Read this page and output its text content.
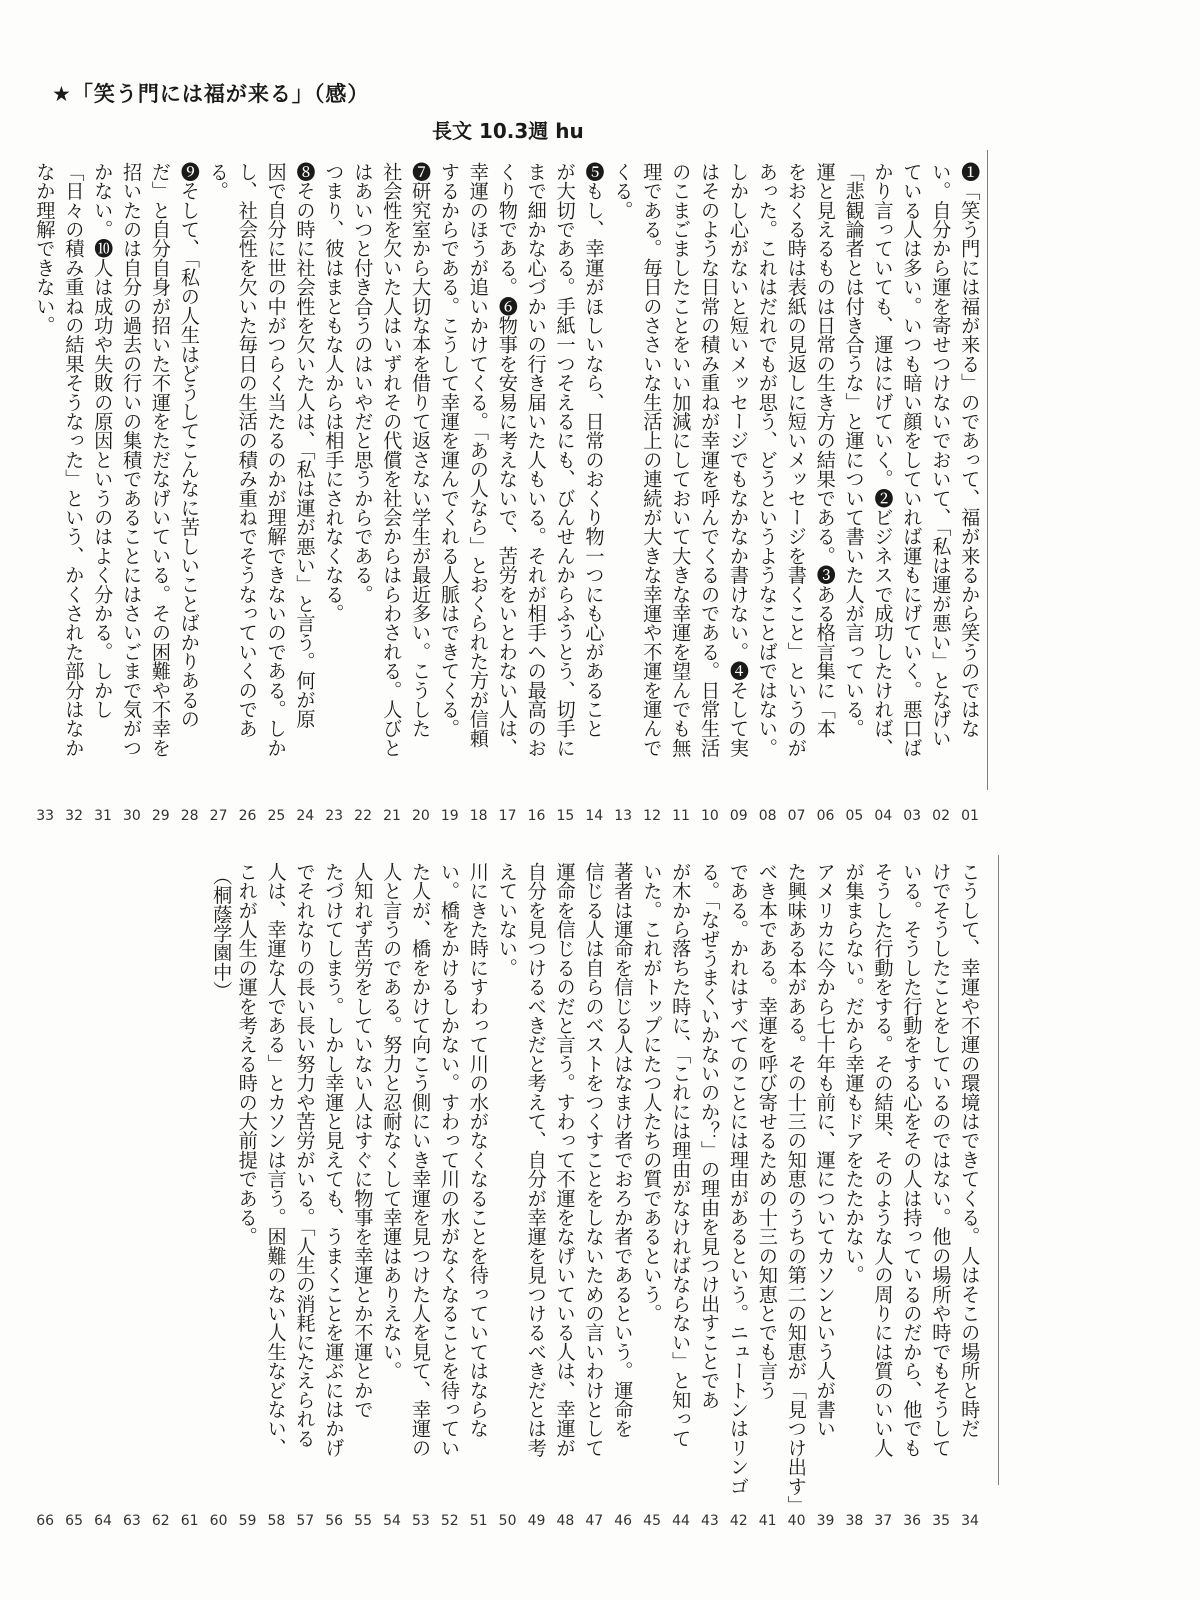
★「笑う門には福が来る」（感）
長文 10.3週 hu
❶「笑う門には福が来る」のであって、福が来るから笑うのではな
い。自分から運を寄せつけないでおいて、「私は運が悪い」となげい
ている人は多い。いつも暗い顔をしていれば運もにげていく。悪口ば
かり言っていても、運はにげていく。❷ビジネスで成功したければ、
「悲観論者とは付き合うな」と運について書いた人が言っている。
運と見えるものは日常の生き方の結果である。❸ある格言集に「本
をおくる時は表紙の見返しに短いメッセージを書くこと」というのが
あった。これはだれでもが思う、どうというようなことばではない。
しかし心がないと短いメッセージでもなかなか書けない。❹そして実
はそのような日常の積み重ねが幸運を呼んでくるのである。日常生活
のこまごましたことをいい加減にしておいて大きな幸運を望んでも無
理である。毎日のささいな生活上の連続が大きな幸運や不運を運んで
くる。
❺もし、幸運がほしいなら、日常のおくり物一つにも心があること
が大切である。手紙一つそえるにも、びんせんからふうとう、切手に
まで細かな心づかいの行き届いた人もいる。それが相手への最高のお
くり物である。❻物事を安易に考えないで、苦労をいとわない人は、
幸運のほうが追いかけてくる。「あの人なら」とおくられた方が信頼
するからである。こうして幸運を運んでくれる人脈はできてくる。
❼研究室から大切な本を借りて返さない学生が最近多い。こうした
社会性を欠いた人はいずれその代償を社会からはらわされる。人びと
はあいつと付き合うのはいやだと思うからである。
つまり、彼はまともな人からは相手にされなくなる。
❽その時に社会性を欠いた人は、「私は運が悪い」と言う。何が原
因で自分に世の中がつらく当たるのかが理解できないのである。しか
し、社会性を欠いた毎日の生活の積み重ねでそうなっていくのであ
る。
❾そして、「私の人生はどうしてこんなに苦しいことばかりあるの
だ」と自分自身が招いた不運をただなげいている。その困難や不幸を
招いたのは自分の過去の行いの集積であることにはさいごまで気がつ
かない。❿人は成功や失敗の原因というのはよく分かる。しかし
「日々の積み重ねの結果そうなった」という、かくされた部分はなか
なか理解できない。
01
02
03
04
05
06
07
08
09
10
11
12
13
14
15
16
17
18
19
20
21
22
23
24
25
26
27
28
29
30
31
32
33
こうして、幸運や不運の環境はできてくる。人はそこの場所と時だ
けでそうしたことをしているのではない。他の場所や時でもそうして
いる。そうした行動をする心をその人は持っているのだから、他でも
そうした行動をする。その結果、そのような人の周りには質のいい人
が集まらない。だから幸運もドアをたたかない。
アメリカに今から七十年も前に、運についてカソンという人が書い
た興味ある本がある。その十三の知恵のうちの第二の知恵が「見つけ出す」
べき本である。幸運を呼び寄せるための十三の知恵とでも言う
である。かれはすべてのことには理由があるという。ニュートンはリンゴ
る。「なぜうまくいかないのか？」の理由を見つけ出すことであ
が木から落ちた時に、「これには理由がなければならない」と知って
いた。これがトップにたつ人たちの質であるという。
著者は運命を信じる人はなまけ者でおろか者であるという。運命を
信じる人は自らのベストをつくすことをしないための言いわけとして
運命を信じるのだと言う。すわって不運をなげいている人は、幸運が
自分を見つけるべきだと考えて、自分が幸運を見つけるべきだとは考
えていない。
川にきた時にすわって川の水がなくなることを待っていてはならな
い。橋をかけるしかない。すわって川の水がなくなることを待ってい
た人が、橋をかけて向こう側にいき幸運を見つけた人を見て、幸運の
人と言うのである。努力と忍耐なくして幸運はありえない。
人知れず苦労をしていない人はすぐに物事を幸運とか不運とかで
たづけてしまう。しかし幸運と見えても、うまくことを運ぶにはかげ
でそれなりの長い長い努力や苦労がいる。「人生の消耗にたえられる
人は、幸運な人である」とカソンは言う。困難のない人生などない、
これが人生の運を考える時の大前提である。
34
35
36
37
38
39
40
41
42
43
44
45
46
47
48
49
50
51
52
53
54
55
56
57
58
59
60
61
62
63
64
65
66
（桐蔭学園中）
